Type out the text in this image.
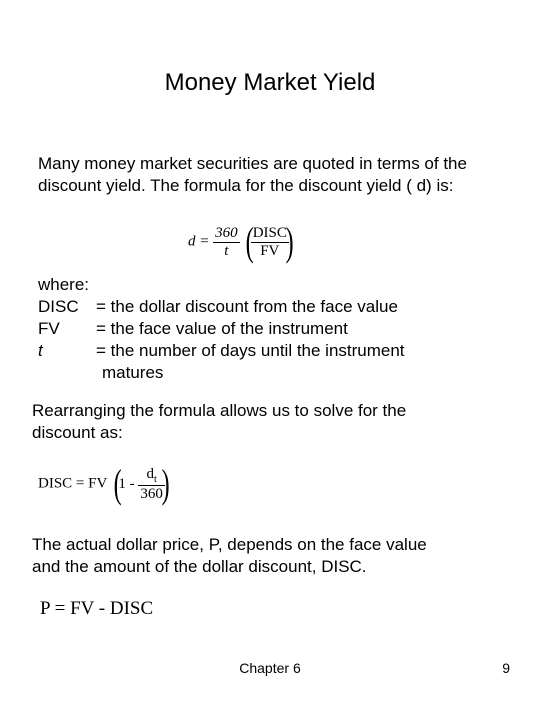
Money Market Yield
Many money market securities are quoted in terms of the
discount yield. The formula for the discount yield ( d) is:
$d = \frac{360}{t}$ (
$\frac{\text{DISC}}{FV}$
)
where:
DISC = the dollar discount from the face value
FV = the face value of the instrument
t	= the number of days until the instrument
matures
Rearranging the formula allows us to solve for the
discount as:
DISC = FV ($1 - \frac{d_t}{360}$
)
The actual dollar price, P, depends on the face value
and the amount of the dollar discount, DISC.
P = FV - DISC
Chapter 6	9
